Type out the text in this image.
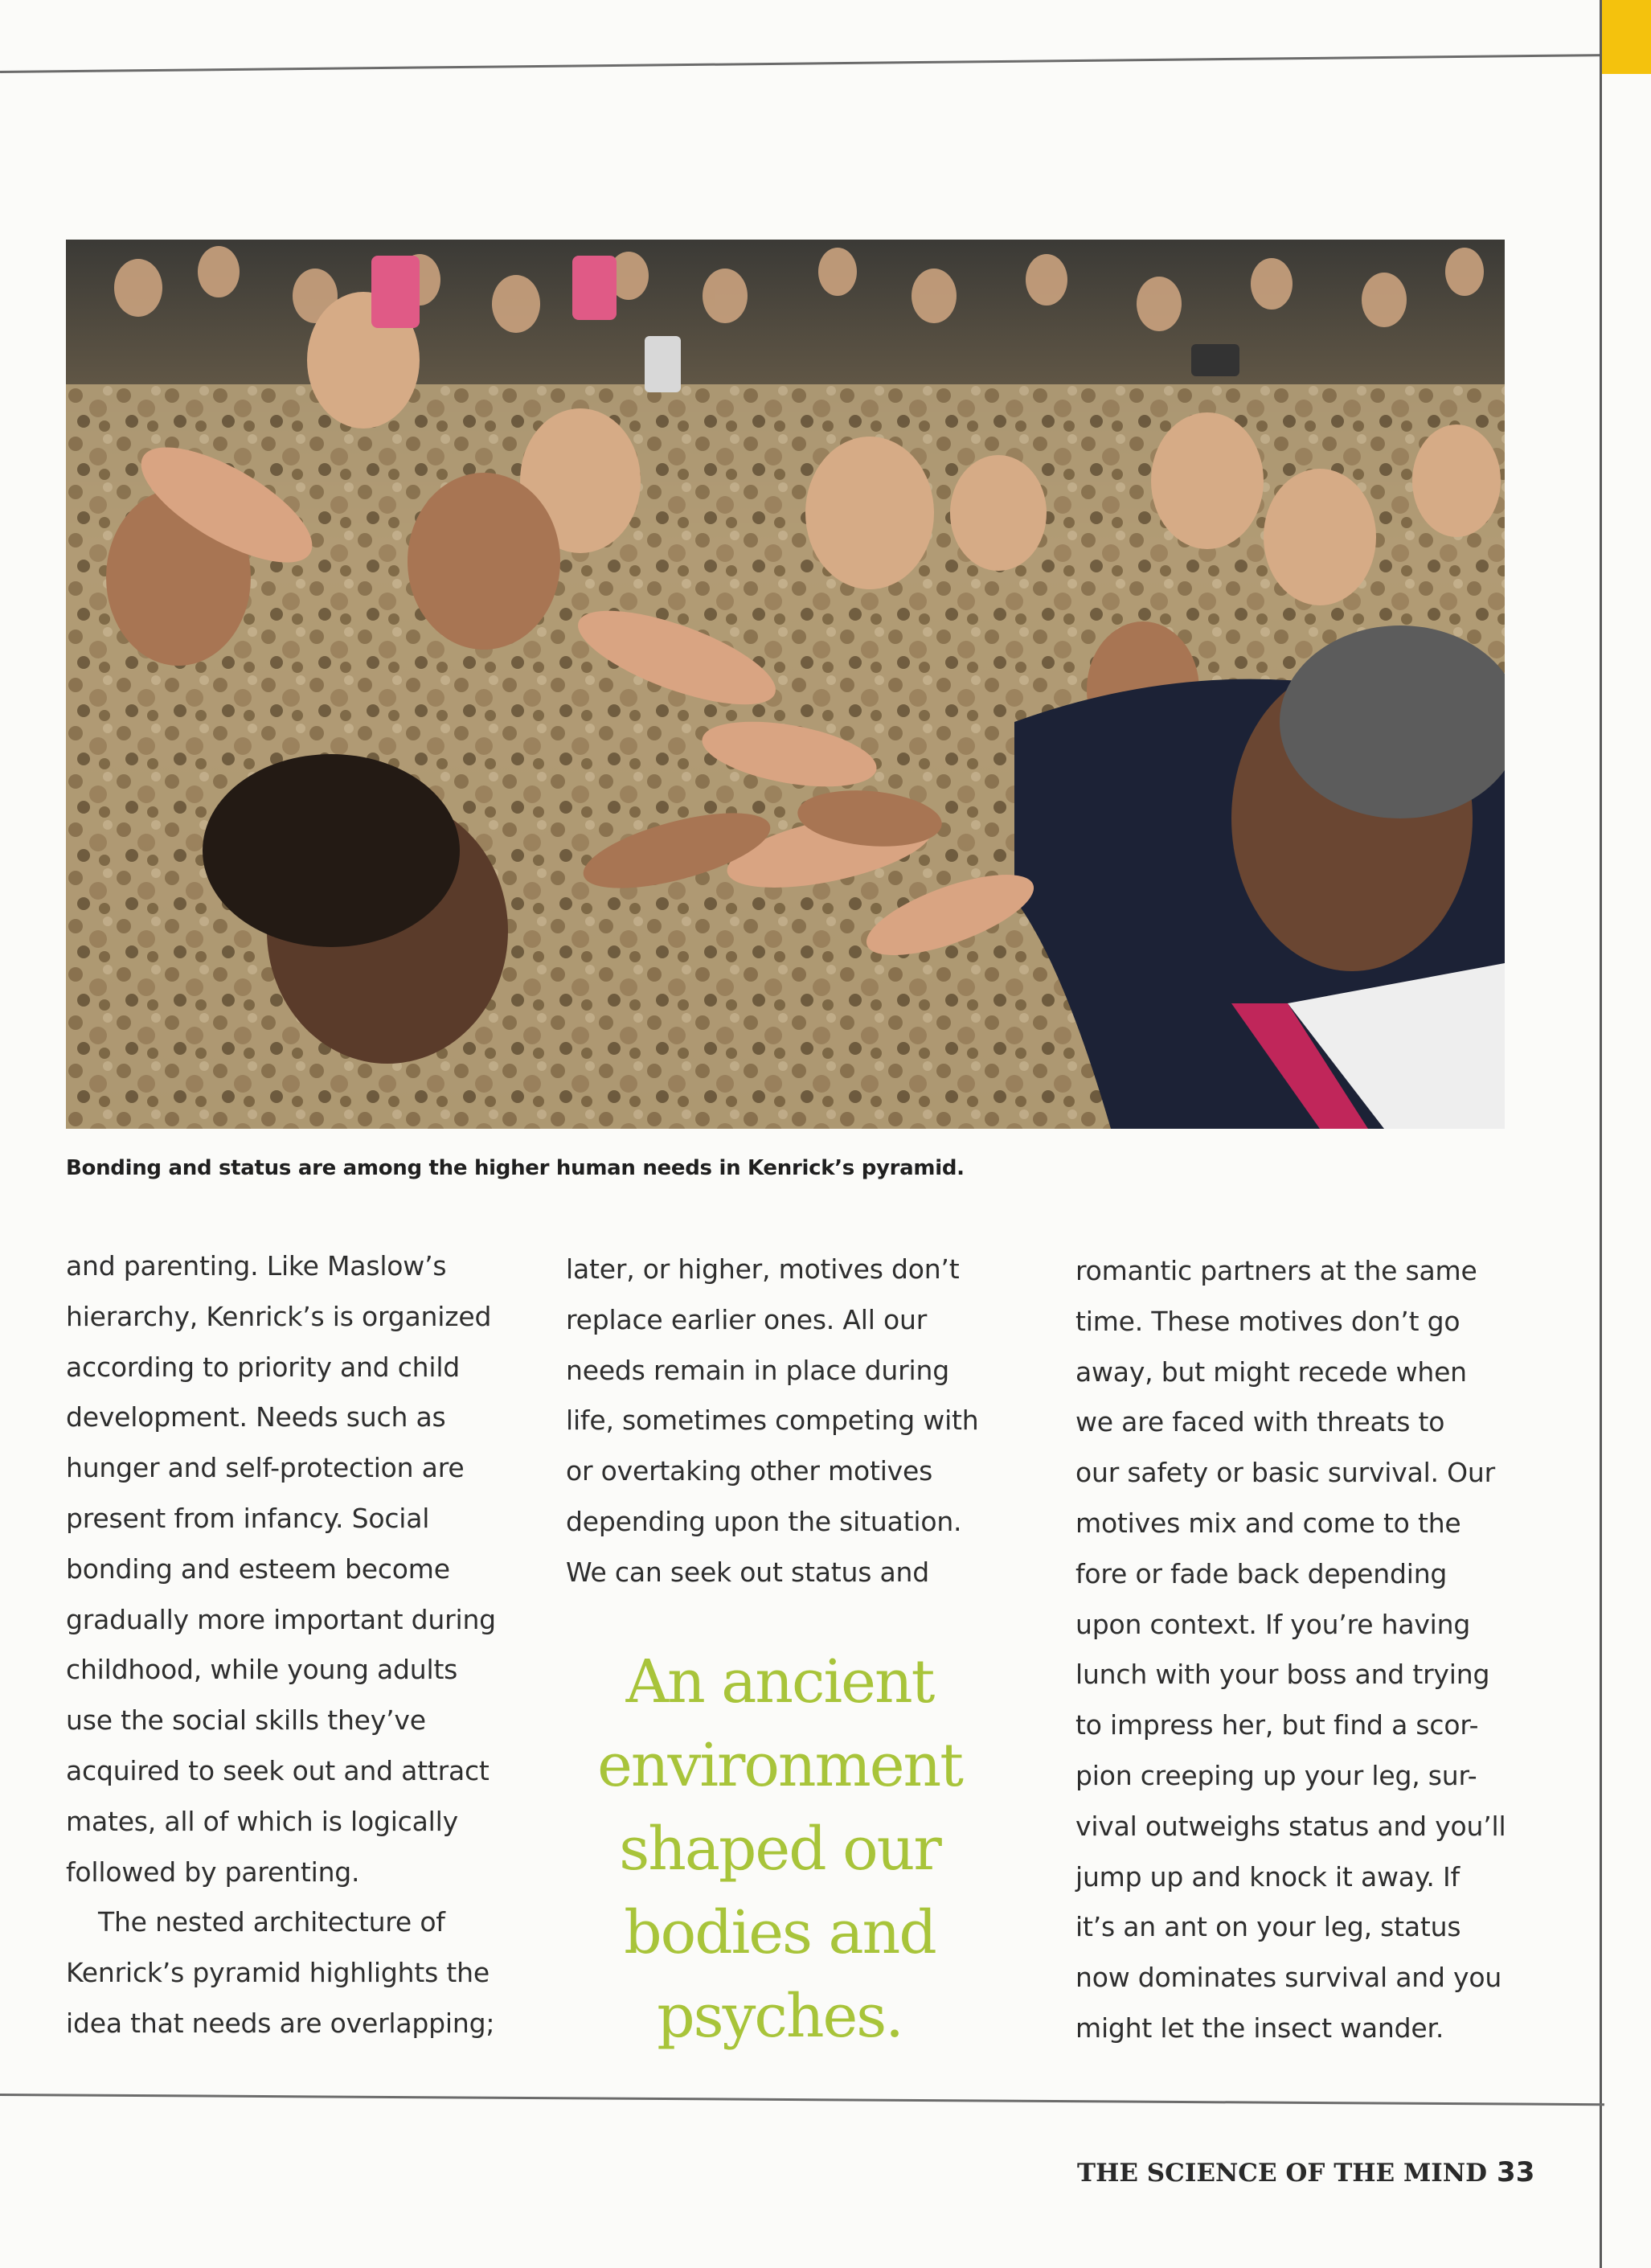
Bonding and status are among the higher human needs in Kenrick’s pyramid.
and parenting. Like Maslow’s
hierarchy, Kenrick’s is organized
according to priority and child
development. Needs such as
hunger and self-protection are
present from infancy. Social
bonding and esteem become
gradually more important during
childhood, while young adults
use the social skills they’ve
acquired to seek out and attract
mates, all of which is logically
followed by parenting.
The nested architecture of
Kenrick’s pyramid highlights the
idea that needs are overlapping;
later, or higher, motives don’t
replace earlier ones. All our
needs remain in place during
life, sometimes competing with
or overtaking other motives
depending upon the situation.
We can seek out status and
An ancient
environment
shaped our
bodies and
psyches.
romantic partners at the same
time. These motives don’t go
away, but might recede when
we are faced with threats to
our safety or basic survival. Our
motives mix and come to the
fore or fade back depending
upon context. If you’re having
lunch with your boss and trying
to impress her, but find a scor-
pion creeping up your leg, sur-
vival outweighs status and you’ll
jump up and knock it away. If
it’s an ant on your leg, status
now dominates survival and you
might let the insect wander.
THE SCIENCE OF THE MIND 33
